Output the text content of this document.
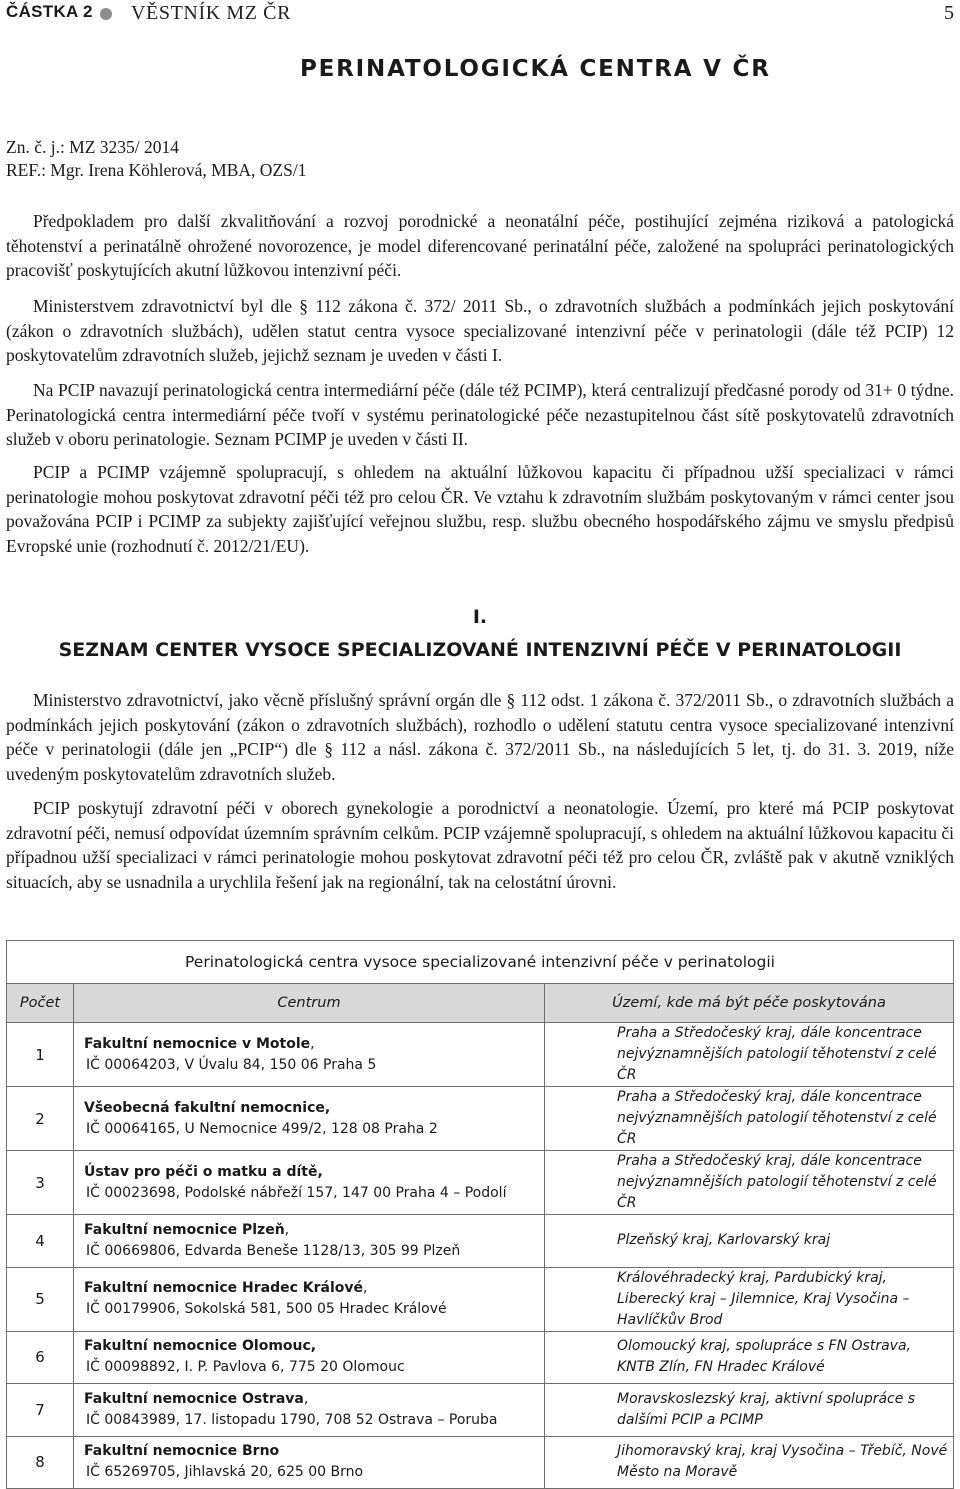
ČÁSTKA 2 VĚSTNÍK MZ ČR	5
PERINATOLOGICKÁ CENTRA V ČR
Zn. č. j.: MZ 3235/ 2014
REF.: Mgr. Irena Köhlerová, MBA, OZS/1

Předpokladem pro další zkvalitňování a rozvoj porodnické a neonatální péče, postihující zejména riziková a patologická těhotenství a perinatálně ohrožené novorozence, je model diferencované perinatální péče, založené na spolupráci perinatologických pracovišť poskytujících akutní lůžkovou intenzivní péči.

Ministerstvem zdravotnictví byl dle § 112 zákona č. 372/ 2011 Sb., o zdravotních službách a podmínkách jejich poskytování (zákon o zdravotních službách), udělen statut centra vysoce specializované intenzivní péče v perinatologii (dále též PCIP) 12 poskytovatelům zdravotních služeb, jejichž seznam je uveden v části I.

Na PCIP navazují perinatologická centra intermediární péče (dále též PCIMP), která centralizují předčasné porody od 31+ 0 týdne. Perinatologická centra intermediární péče tvoří v systému perinatologické péče nezastupitelnou část sítě poskytovatelů zdravotních služeb v oboru perinatologie. Seznam PCIMP je uveden v části II.

PCIP a PCIMP vzájemně spolupracují, s ohledem na aktuální lůžkovou kapacitu či případnou užší specializaci v rámci perinatologie mohou poskytovat zdravotní péči též pro celou ČR. Ve vztahu k zdravotním službám poskytovaným v rámci center jsou považována PCIP i PCIMP za subjekty zajišťující veřejnou službu, resp. službu obecného hospodářského zájmu ve smyslu předpisů Evropské unie (rozhodnutí č. 2012/21/EU).

I.
SEZNAM CENTER VYSOCE SPECIALIZOVANÉ INTENZIVNÍ PÉČE V PERINATOLOGII

Ministerstvo zdravotnictví, jako věcně příslušný správní orgán dle § 112 odst. 1 zákona č. 372/2011 Sb., o zdravotních službách a podmínkách jejich poskytování (zákon o zdravotních službách), rozhodlo o udělení statutu centra vysoce specializované intenzivní péče v perinatologii (dále jen „PCIP“) dle § 112 a násl. zákona č. 372/2011 Sb., na následujících 5 let, tj. do 31. 3. 2019, níže uvedeným poskytovatelům zdravotních služeb.

PCIP poskytují zdravotní péči v oborech gynekologie a porodnictví a neonatologie. Území, pro které má PCIP poskytovat zdravotní péči, nemusí odpovídat územním správním celkům. PCIP vzájemně spolupracují, s ohledem na aktuální lůžkovou kapacitu či případnou užší specializaci v rámci perinatologie mohou poskytovat zdravotní péči též pro celou ČR, zvláště pak v akutně vzniklých situacích, aby se usnadnila a urychlila řešení jak na regionální, tak na celostátní úrovni.

Perinatologická centra vysoce specializované intenzivní péče v perinatologii		
Počet	Centrum	Území, kde má být péče poskytována
1	Fakultní nemocnice v Motole,
IČ 00064203, V Úvalu 84, 150 06 Praha 5	Praha a Středočeský kraj, dále koncentrace nejvýznamnějších patologií těhotenství z celé ČR
2	Všeobecná fakultní nemocnice,
IČ 00064165, U Nemocnice 499/2, 128 08 Praha 2	Praha a Středočeský kraj, dále koncentrace nejvýznamnějších patologií těhotenství z celé ČR
3	Ústav pro péči o matku a dítě,
IČ 00023698, Podolské nábřeží 157, 147 00 Praha 4 – Podolí	Praha a Středočeský kraj, dále koncentrace nejvýznamnějších patologií těhotenství z celé ČR
4	Fakultní nemocnice Plzeň,
IČ 00669806, Edvarda Beneše 1128/13, 305 99 Plzeň	Plzeňský kraj, Karlovarský kraj
5	Fakultní nemocnice Hradec Králové,
IČ 00179906, Sokolská 581, 500 05 Hradec Králové	Královéhradecký kraj, Pardubický kraj, Liberecký kraj – Jilemnice, Kraj Vysočina – Havlíčkův Brod
6	Fakultní nemocnice Olomouc,
IČ 00098892, I. P. Pavlova 6, 775 20 Olomouc	Olomoucký kraj, spolupráce s FN Ostrava, KNTB Zlín, FN Hradec Králové
7	Fakultní nemocnice Ostrava,
IČ 00843989, 17. listopadu 1790, 708 52 Ostrava – Poruba	Moravskoslezský kraj, aktivní spolupráce s dalšími PCIP a PCIMP
8	Fakultní nemocnice Brno
IČ 65269705, Jihlavská 20, 625 00 Brno	Jihomoravský kraj, kraj Vysočina – Třebíč, Nové Město na Moravě
